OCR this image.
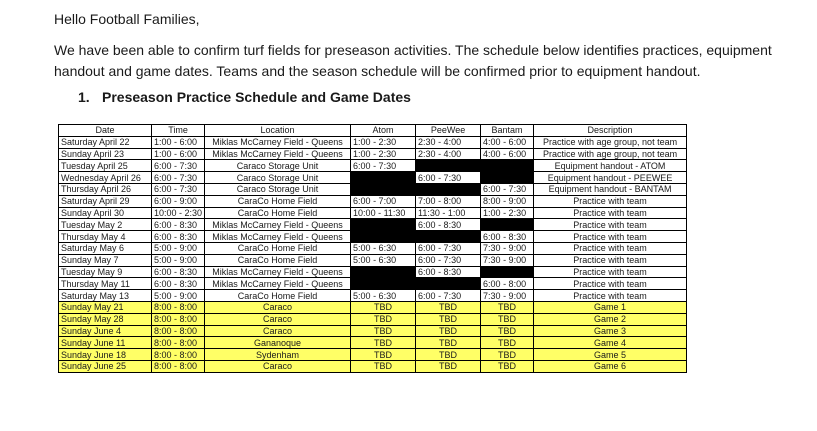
Hello Football Families,
We have been able to confirm turf fields for preseason activities. The schedule below identifies practices, equipment handout and game dates. Teams and the season schedule will be confirmed prior to equipment handout.
1. Preseason Practice Schedule and Game Dates
Date	Time	Location	Atom	PeeWee	Bantam	Description
Saturday April 22	1:00 - 6:00	Miklas McCarney Field - Queens	1:00 - 2:30	2:30 - 4:00	4:00 - 6:00	Practice with age group, not team
Sunday April 23	1:00 - 6:00	Miklas McCarney Field - Queens	1:00 - 2:30	2:30 - 4:00	4:00 - 6:00	Practice with age group, not team
Tuesday April 25	6:00 - 7:30	Caraco Storage Unit	6:00 - 7:30			Equipment handout - ATOM
Wednesday April 26	6:00 - 7:30	Caraco Storage Unit		6:00 - 7:30		Equipment handout - PEEWEE
Thursday April 26	6:00 - 7:30	Caraco Storage Unit			6:00 - 7:30	Equipment handout - BANTAM
Saturday April 29	6:00 - 9:00	CaraCo Home Field	6:00 - 7:00	7:00 - 8:00	8:00 - 9:00	Practice with team
Sunday April 30	10:00 - 2:30	CaraCo Home Field	10:00 - 11:30	11:30 - 1:00	1:00 - 2:30	Practice with team
Tuesday May 2	6:00 - 8:30	Miklas McCarney Field - Queens		6:00 - 8:30		Practice with team
Thursday May 4	6:00 - 8:30	Miklas McCarney Field - Queens			6:00 - 8:30	Practice with team
Saturday May 6	5:00 - 9:00	CaraCo Home Field	5:00 - 6:30	6:00 - 7:30	7:30 - 9:00	Practice with team
Sunday May 7	5:00 - 9:00	CaraCo Home Field	5:00 - 6:30	6:00 - 7:30	7:30 - 9:00	Practice with team
Tuesday May 9	6:00 - 8:30	Miklas McCarney Field - Queens		6:00 - 8:30		Practice with team
Thursday May 11	6:00 - 8:30	Miklas McCarney Field - Queens			6:00 - 8:00	Practice with team
Saturday May 13	5:00 - 9:00	CaraCo Home Field	5:00 - 6:30	6:00 - 7:30	7:30 - 9:00	Practice with team
Sunday May 21	8:00 - 8:00	Caraco	TBD	TBD	TBD	Game 1
Sunday May 28	8:00 - 8:00	Caraco	TBD	TBD	TBD	Game 2
Sunday June 4	8:00 - 8:00	Caraco	TBD	TBD	TBD	Game 3
Sunday June 11	8:00 - 8:00	Gananoque	TBD	TBD	TBD	Game 4
Sunday June 18	8:00 - 8:00	Sydenham	TBD	TBD	TBD	Game 5
Sunday June 25	8:00 - 8:00	Caraco	TBD	TBD	TBD	Game 6
